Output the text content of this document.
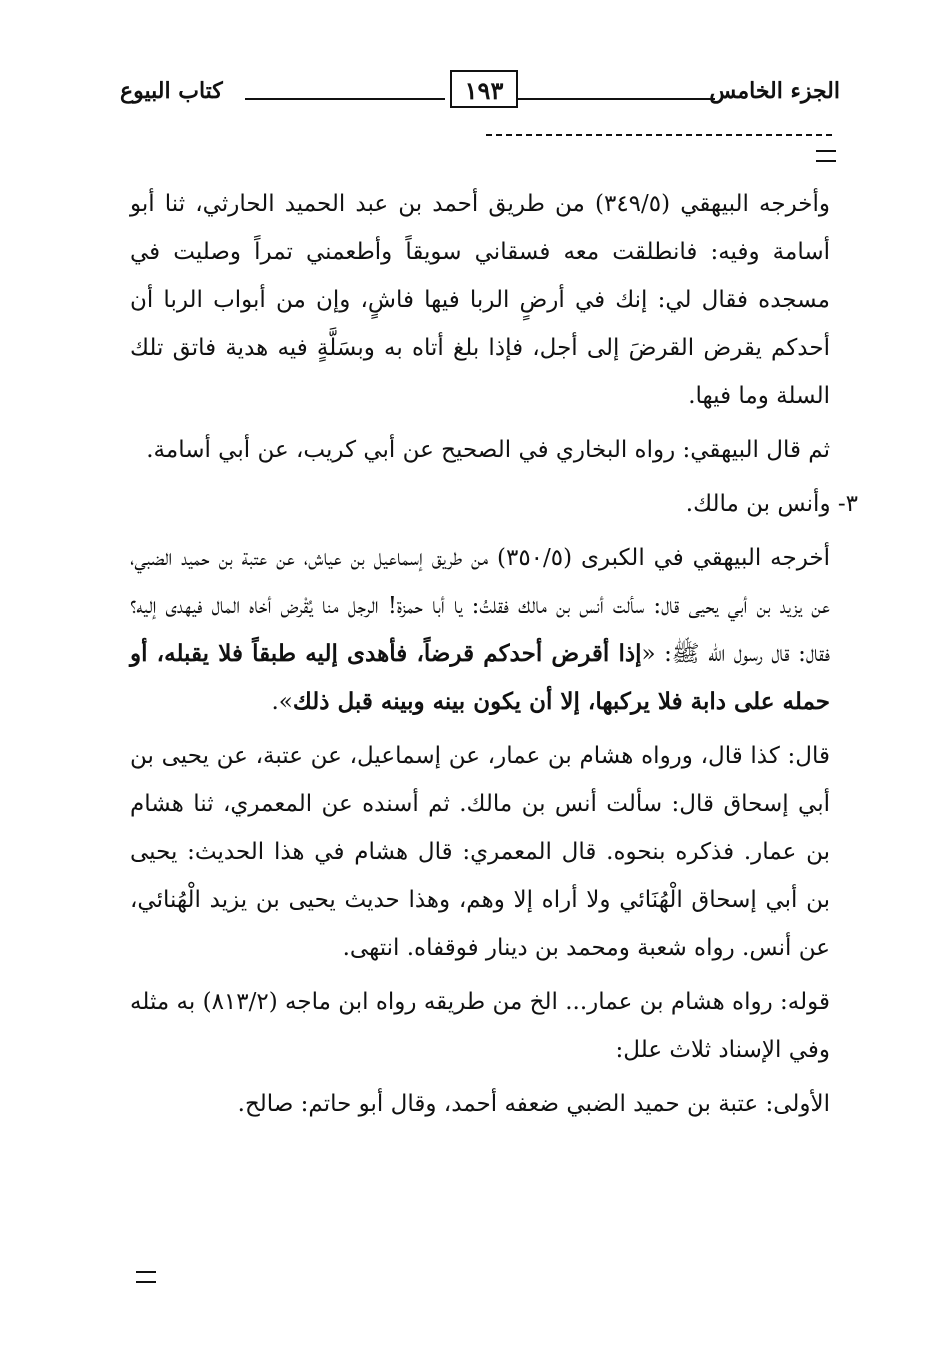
الجزء الخامس
١٩٣
كتاب البيوع

وأخرجه البيهقي (٣٤٩/٥) من طريق أحمد بن عبد الحميد الحارثي، ثنا أبو أسامة وفيه: فانطلقت معه فسقاني سويقاً وأطعمني تمراً وصليت في مسجده فقال لي: إنك في أرضٍ الربا فيها فاشٍ، وإن من أبواب الربا أن أحدكم يقرض القرضَ إلى أجل، فإذا بلغ أتاه به وبسَلَّةٍ فيه هدية فاتق تلك السلة وما فيها.

ثم قال البيهقي: رواه البخاري في الصحيح عن أبي كريب، عن أبي أسامة.

٣- وأنس بن مالك.

أخرجه البيهقي في الكبرى (٣٥٠/٥) من طريق إسماعيل بن عياش، عن عتبة بن حميد الضبي، عن يزيد بن أبي يحيى قال: سألت أنس بن مالك فقلتُ: يا أبا حمزة! الرجل منا يُقْرض أخاه المال فيهدى إليه؟ فقال: قال رسول الله ﷺ: «إذا أقرض أحدكم قرضاً، فأهدى إليه طبقاً فلا يقبله، أو حمله على دابة فلا يركبها، إلا أن يكون بينه وبينه قبل ذلك».

قال: كذا قال، ورواه هشام بن عمار، عن إسماعيل، عن عتبة، عن يحيى بن أبي إسحاق قال: سألت أنس بن مالك. ثم أسنده عن المعمري، ثنا هشام بن عمار. فذكره بنحوه. قال المعمري: قال هشام في هذا الحديث: يحيى بن أبي إسحاق الْهُنَائي ولا أراه إلا وهم، وهذا حديث يحيى بن يزيد الْهُنائي، عن أنس. رواه شعبة ومحمد بن دينار فوقفاه. انتهى.

قوله: رواه هشام بن عمار... الخ من طريقه رواه ابن ماجه (٨١٣/٢) به مثله وفي الإسناد ثلاث علل:

الأولى: عتبة بن حميد الضبي ضعفه أحمد، وقال أبو حاتم: صالح.
